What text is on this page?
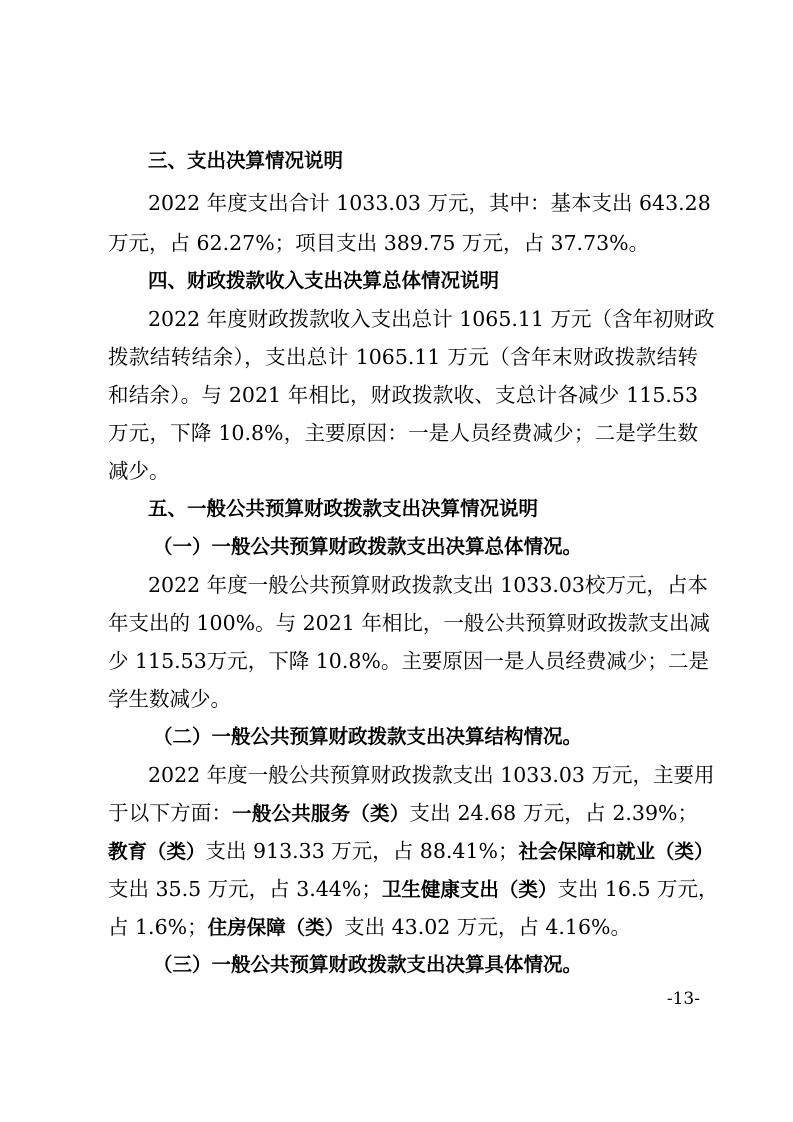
三、支出决算情况说明
2022 年度支出合计 1033.03 万元，其中：基本支出 643.28
万元，占 62.27%；项目支出 389.75 万元，占 37.73%。
四、财政拨款收入支出决算总体情况说明
2022 年度财政拨款收入支出总计 1065.11 万元（含年初财政
拨款结转结余），支出总计 1065.11 万元（含年末财政拨款结转
和结余）。与 2021 年相比，财政拨款收、支总计各减少 115.53
万元，下降 10.8%，主要原因：一是人员经费减少；二是学生数
减少。
五、一般公共预算财政拨款支出决算情况说明
（一）一般公共预算财政拨款支出决算总体情况。
2022 年度一般公共预算财政拨款支出 1033.03校万元，占本
年支出的 100%。与 2021 年相比，一般公共预算财政拨款支出减
少 115.53万元，下降 10.8%。主要原因一是人员经费减少；二是
学生数减少。
（二）一般公共预算财政拨款支出决算结构情况。
2022 年度一般公共预算财政拨款支出 1033.03 万元，主要用
于以下方面：一般公共服务（类）支出 24.68 万元，占 2.39%；
教育（类）支出 913.33 万元，占 88.41%；社会保障和就业（类）
支出 35.5 万元，占 3.44%；卫生健康支出（类）支出 16.5 万元，
占 1.6%；住房保障（类）支出 43.02 万元，占 4.16%。
（三）一般公共预算财政拨款支出决算具体情况。
-13-
